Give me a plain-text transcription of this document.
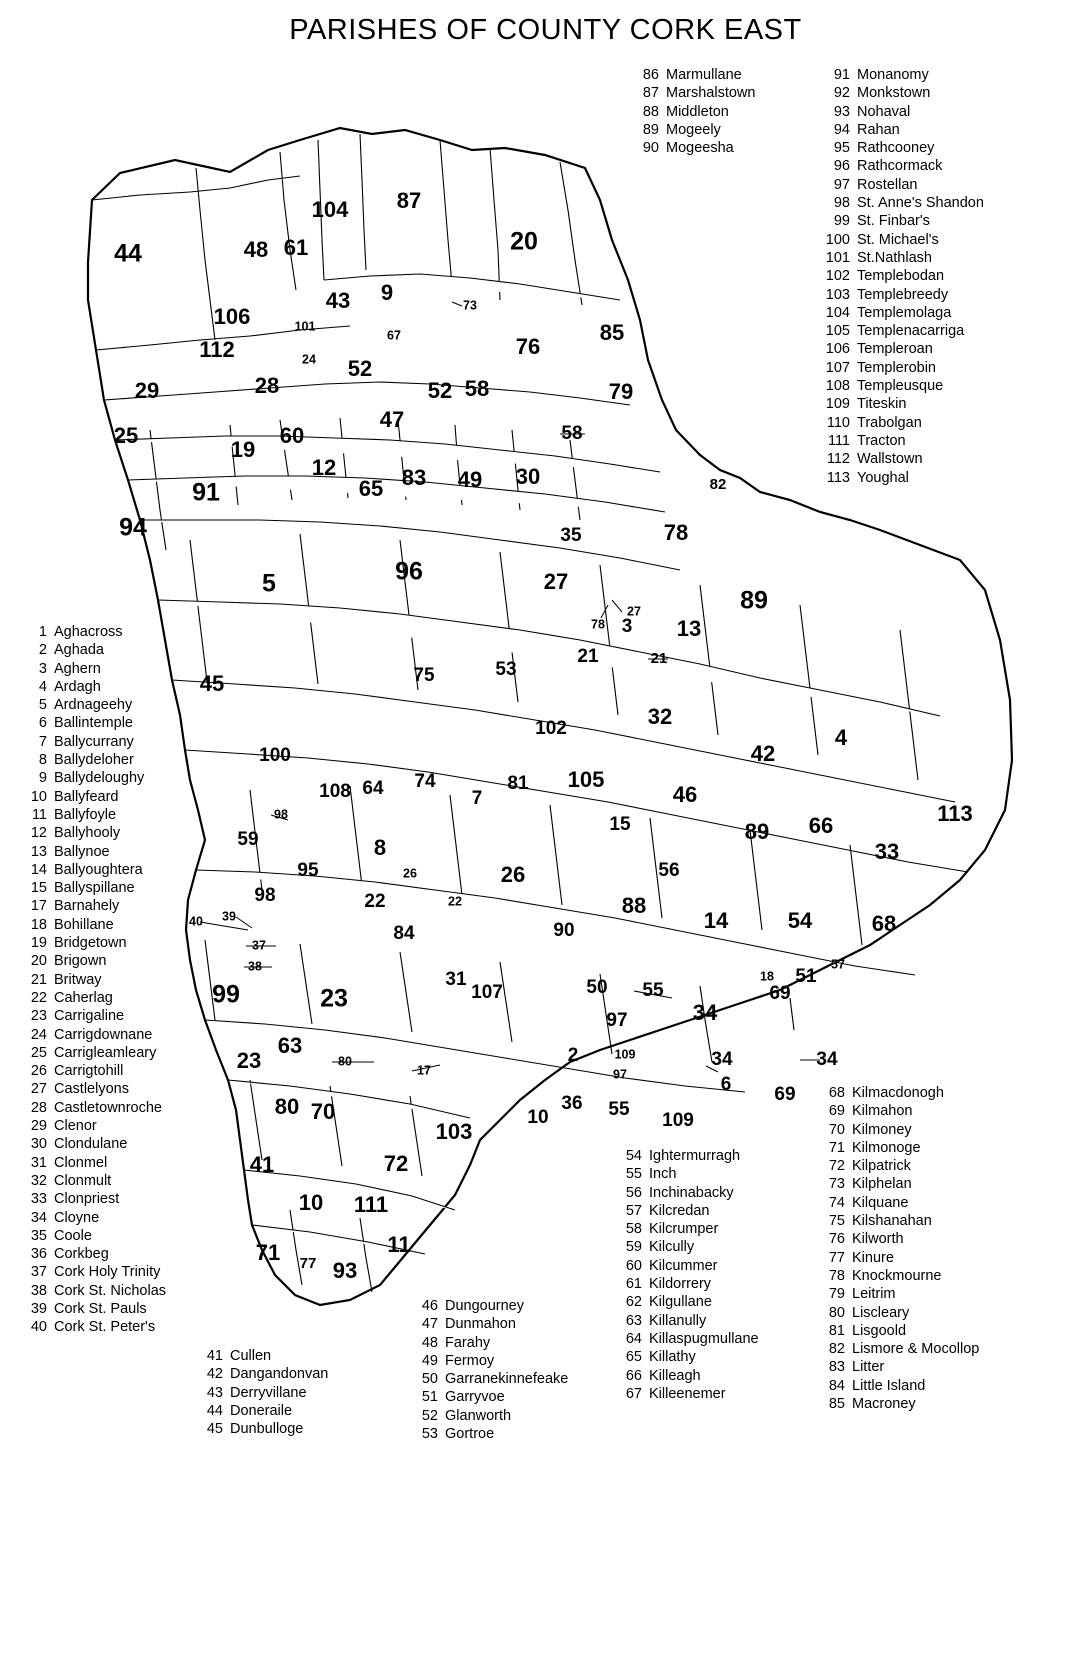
PARISHES OF COUNTY CORK EAST
44
104 87
20
48 61
43 9
73
106	101
67	76
85
112	24 52
29	28	52 58	79
25
47
58
19
60
12	83 49 30	82
91	65
94	35	78
5	96	27
27	89
78 3 13
75	53
21	21
45
32
4
102
42
100
108 64 74
7
81 105
46
113
98	15	89 66
59	8	33
95	56
98
26	26
22	22	88
14	54	68
40 39
84	90
37
38
18 51
57
31
107	50 55
99	23	69
97	34
63	2	109	34	34
23	80
17	97	6 69
80 70	10
36 55
109
103
72
41
10 111
11
71 77 93
86 Marmullane
87 Marshalstown
88 Middleton
89 Mogeely
90 Mogeesha
91 Monanomy
92 Monkstown
93 Nohaval
94 Rahan
95 Rathcooney
96 Rathcormack
97 Rostellan
98 St. Anne's Shandon
99 St. Finbar's
100 St. Michael's
101 St.Nathlash
102 Templebodan
103 Templebreedy
104 Templemolaga
105 Templenacarriga
106 Templeroan
107 Templerobin
108 Templeusque
109 Titeskin
110 Trabolgan
111 Tracton
112 Wallstown
113 Youghal
1 Aghacross
2 Aghada
3 Aghern
4 Ardagh
5 Ardnageehy
6 Ballintemple
7 Ballycurrany
8 Ballydeloher
9 Ballydeloughy
10 Ballyfeard
11 Ballyfoyle
12 Ballyhooly
13 Ballynoe
14 Ballyoughtera
15 Ballyspillane
17 Barnahely
18 Bohillane
19 Bridgetown
20 Brigown
21 Britway
22 Caherlag
23 Carrigaline
24 Carrigdownane
25 Carrigleamleary
26 Carrigtohill
27 Castlelyons
28 Castletownroche
29 Clenor
30 Clondulane
31 Clonmel
32 Clonmult
33 Clonpriest
34 Cloyne
35 Coole
36 Corkbeg
37 Cork Holy Trinity
38 Cork St. Nicholas
39 Cork St. Pauls
40 Cork St. Peter's
41 Cullen
42 Dangandonvan
43 Derryvillane
44 Doneraile
45 Dunbulloge
46 Dungourney
47 Dunmahon
48 Farahy
49 Fermoy
50 Garranekinnefeake
51 Garryvoe
52 Glanworth
53 Gortroe
54 Ightermurragh
55 Inch
56 Inchinabacky
57 Kilcredan
58 Kilcrumper
59 Kilcully
60 Kilcummer
61 Kildorrery
62 Kilgullane
63 Killanully
64 Killaspugmullane
65 Killathy
66 Killeagh
67 Killeenemer
68 Kilmacdonogh
69 Kilmahon
70 Kilmoney
71 Kilmonoge
72 Kilpatrick
73 Kilphelan
74 Kilquane
75 Kilshanahan
76 Kilworth
77 Kinure
78 Knockmourne
79 Leitrim
80 Liscleary
81 Lisgoold
82 Lismore & Mocollop
83 Litter
84 Little Island
85 Macroney
